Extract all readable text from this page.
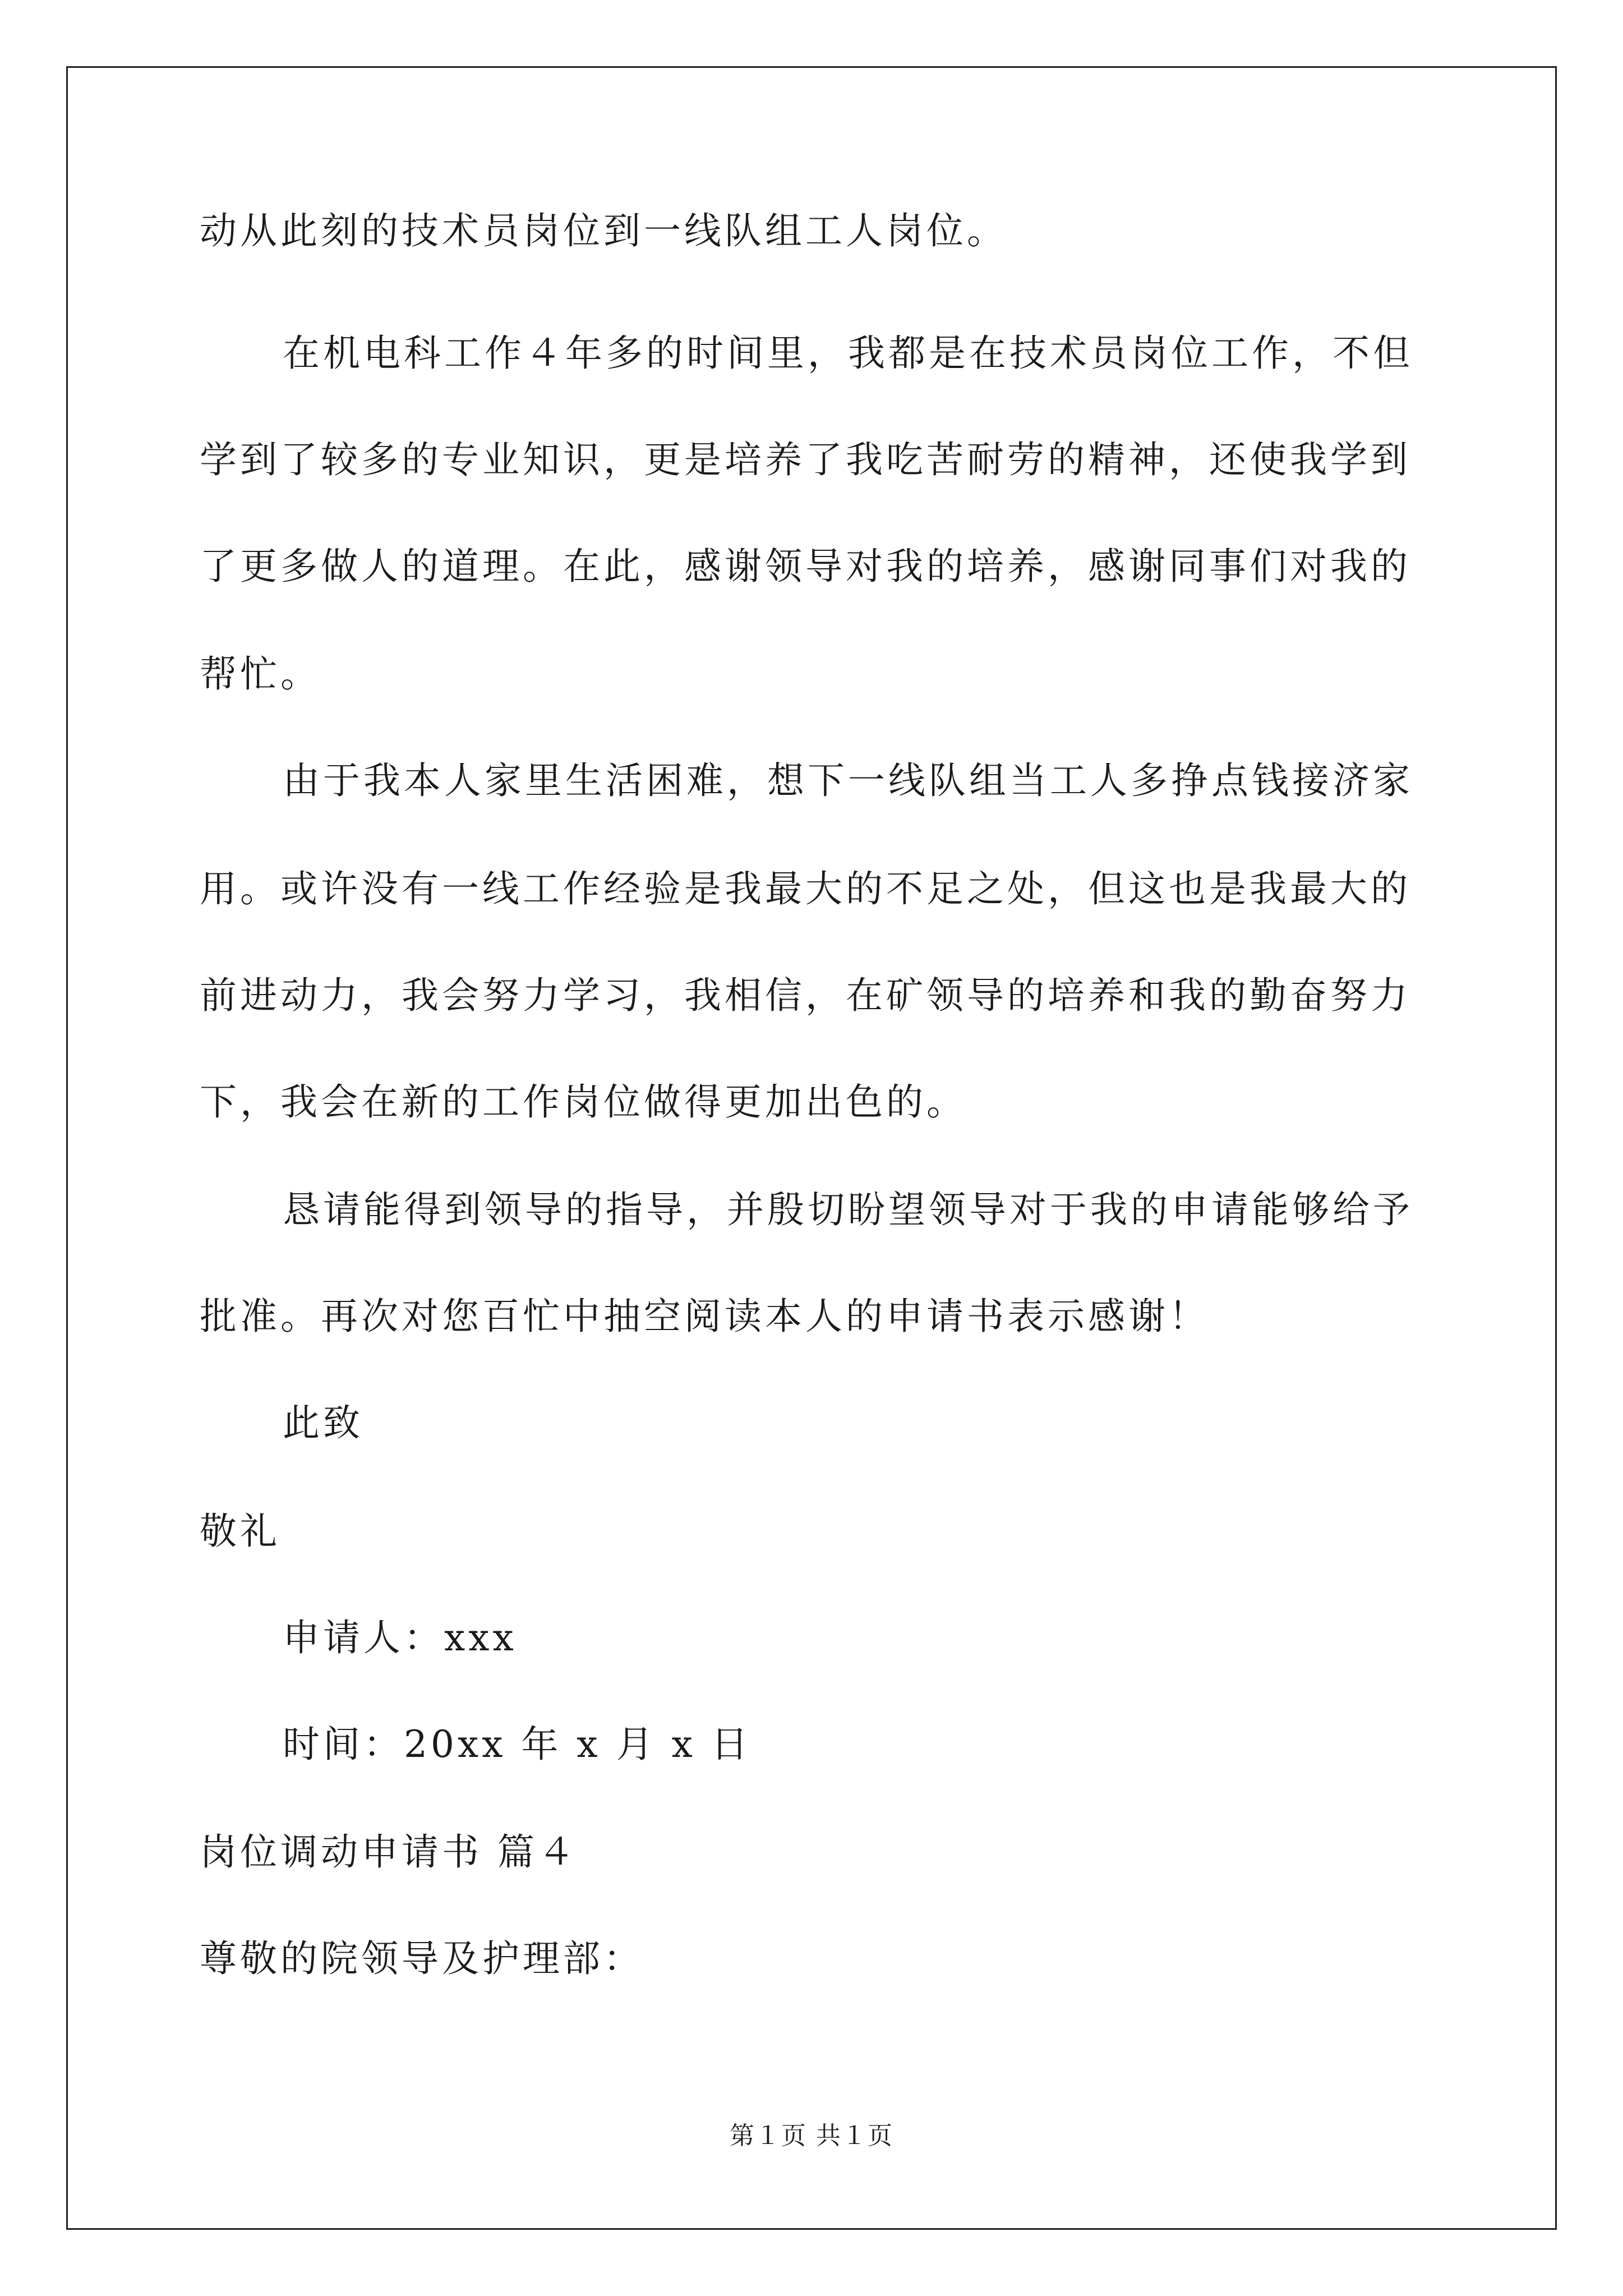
动从此刻的技术员岗位到一线队组工人岗位。
在机电科工作４年多的时间里，我都是在技术员岗位工作，不但
学到了较多的专业知识，更是培养了我吃苦耐劳的精神，还使我学到
了更多做人的道理。在此，感谢领导对我的培养，感谢同事们对我的
帮忙。
由于我本人家里生活困难，想下一线队组当工人多挣点钱接济家
用。或许没有一线工作经验是我最大的不足之处，但这也是我最大的
前进动力，我会努力学习，我相信，在矿领导的培养和我的勤奋努力
下，我会在新的工作岗位做得更加出色的。
恳请能得到领导的指导，并殷切盼望领导对于我的申请能够给予
批准。再次对您百忙中抽空阅读本人的申请书表示感谢！
此致
敬礼
申请人：xxx
时间：20xx 年 x 月 x 日
岗位调动申请书 篇４
尊敬的院领导及护理部：
第１页 共１页
